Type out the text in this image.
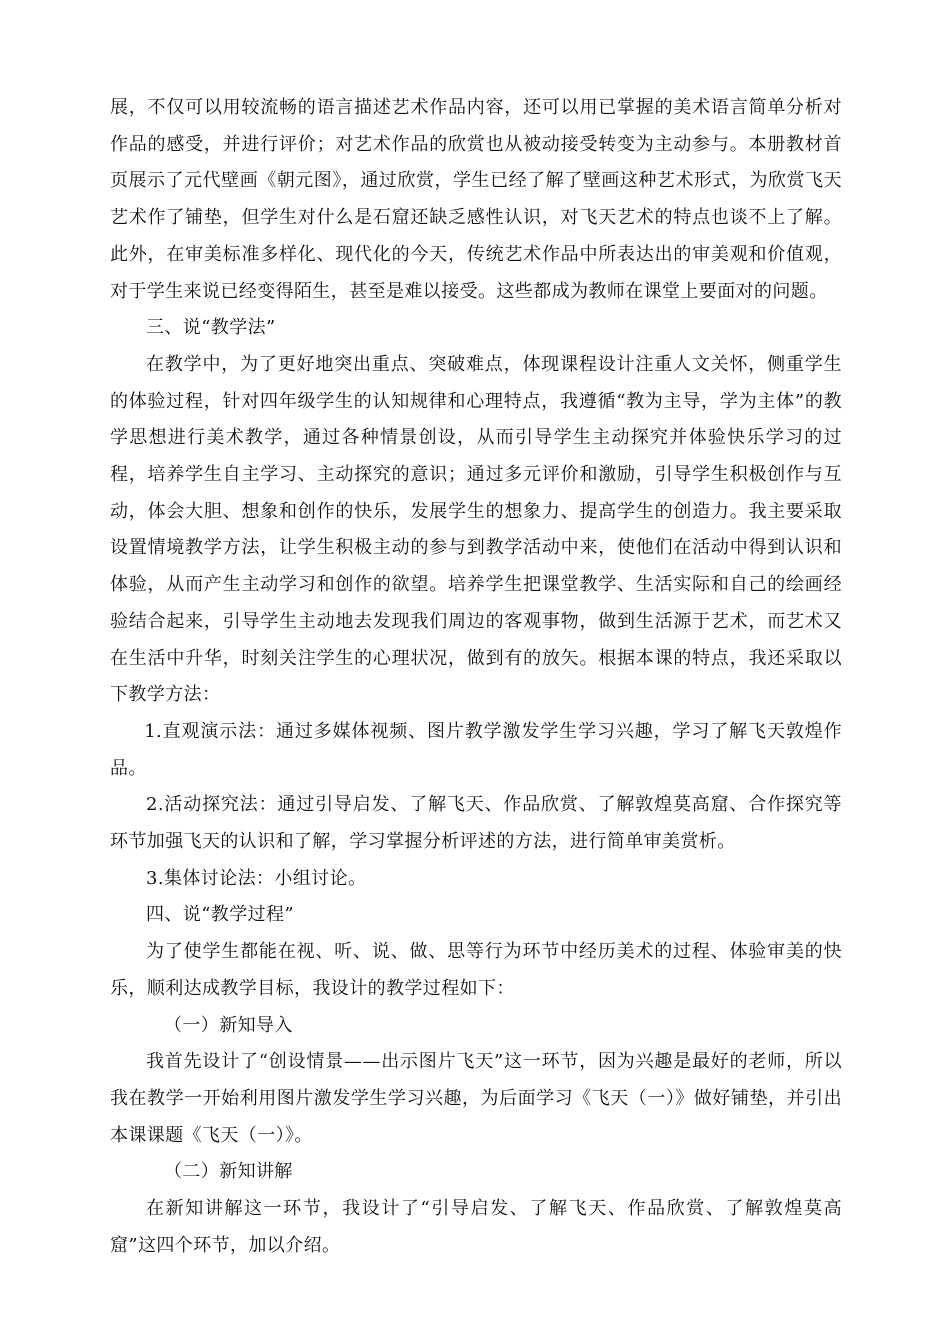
展，不仅可以用较流畅的语言描述艺术作品内容，还可以用已掌握的美术语言简单分析对作品的感受，并进行评价；对艺术作品的欣赏也从被动接受转变为主动参与。本册教材首页展示了元代壁画《朝元图》，通过欣赏，学生已经了解了壁画这种艺术形式，为欣赏飞天艺术作了铺垫，但学生对什么是石窟还缺乏感性认识，对飞天艺术的特点也谈不上了解。此外，在审美标准多样化、现代化的今天，传统艺术作品中所表达出的审美观和价值观，对于学生来说已经变得陌生，甚至是难以接受。这些都成为教师在课堂上要面对的问题。

三、说“教学法”

在教学中，为了更好地突出重点、突破难点，体现课程设计注重人文关怀，侧重学生的体验过程，针对四年级学生的认知规律和心理特点，我遵循“教为主导，学为主体”的教学思想进行美术教学，通过各种情景创设，从而引导学生主动探究并体验快乐学习的过程，培养学生自主学习、主动探究的意识；通过多元评价和激励，引导学生积极创作与互动，体会大胆、想象和创作的快乐，发展学生的想象力、提高学生的创造力。我主要采取设置情境教学方法，让学生积极主动的参与到教学活动中来，使他们在活动中得到认识和体验，从而产生主动学习和创作的欲望。培养学生把课堂教学、生活实际和自己的绘画经验结合起来，引导学生主动地去发现我们周边的客观事物，做到生活源于艺术，而艺术又在生活中升华，时刻关注学生的心理状况，做到有的放矢。根据本课的特点，我还采取以下教学方法：

1.直观演示法：通过多媒体视频、图片教学激发学生学习兴趣，学习了解飞天敦煌作品。

2.活动探究法：通过引导启发、了解飞天、作品欣赏、了解敦煌莫高窟、合作探究等环节加强飞天的认识和了解，学习掌握分析评述的方法，进行简单审美赏析。

3.集体讨论法：小组讨论。

四、说“教学过程”

为了使学生都能在视、听、说、做、思等行为环节中经历美术的过程、体验审美的快乐，顺利达成教学目标，我设计的教学过程如下：

（一）新知导入

我首先设计了“创设情景——出示图片飞天”这一环节，因为兴趣是最好的老师，所以我在教学一开始利用图片激发学生学习兴趣，为后面学习《飞天（一）》做好铺垫，并引出本课课题《飞天（一）》。

（二）新知讲解

在新知讲解这一环节，我设计了“引导启发、了解飞天、作品欣赏、了解敦煌莫高窟”这四个环节，加以介绍。
